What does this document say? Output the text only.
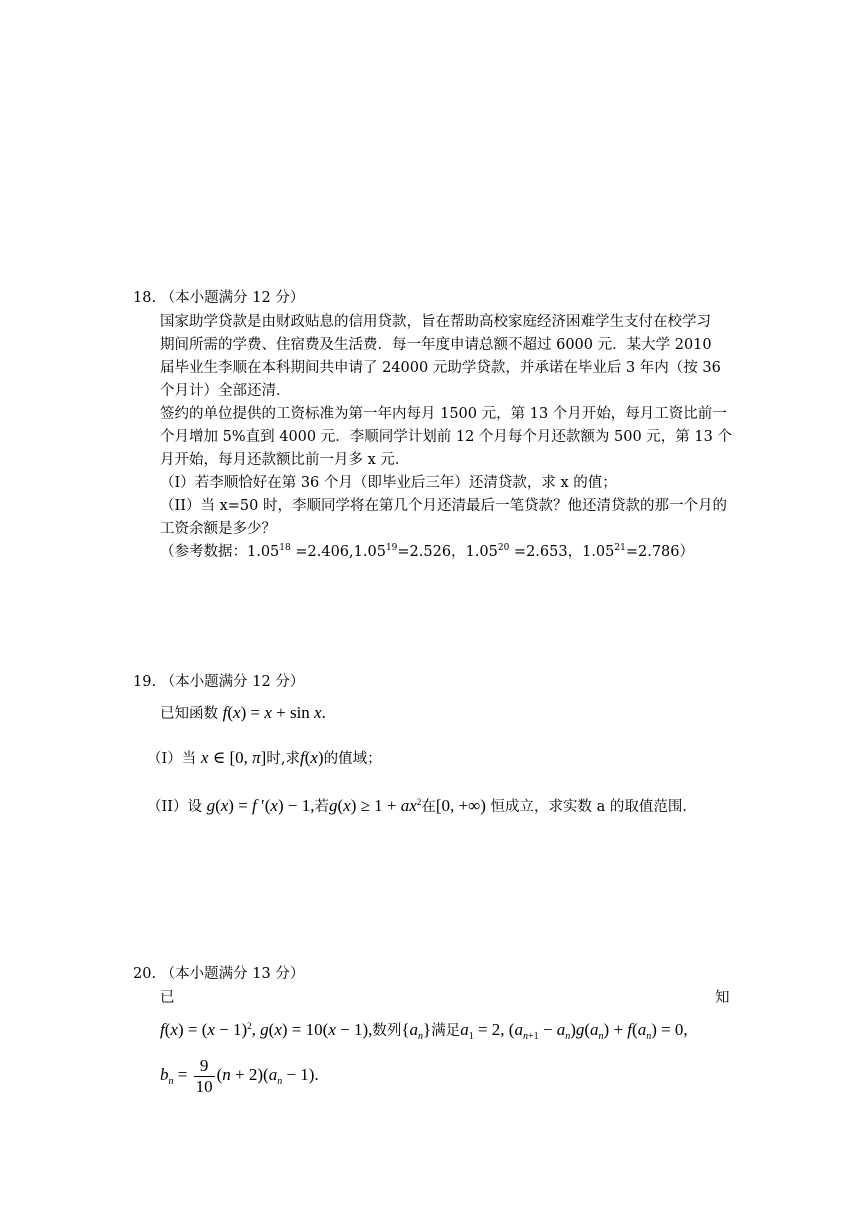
18. （本小题满分 12 分）
国家助学贷款是由财政贴息的信用贷款，旨在帮助高校家庭经济困难学生支付在校学习
期间所需的学费、住宿费及生活费．每一年度申请总额不超过 6000 元．某大学 2010
届毕业生李顺在本科期间共申请了 24000 元助学贷款，并承诺在毕业后 3 年内（按 36
个月计）全部还清．
签约的单位提供的工资标准为第一年内每月 1500 元，第 13 个月开始，每月工资比前一
个月增加 5%直到 4000 元．李顺同学计划前 12 个月每个月还款额为 500 元，第 13 个
月开始，每月还款额比前一月多 x 元．
（I）若李顺恰好在第 36 个月（即毕业后三年）还清贷款，求 x 的值；
（II）当 x=50 时，李顺同学将在第几个月还清最后一笔贷款？他还清贷款的那一个月的
工资余额是多少？
（参考数据：$1.05^{18} =2.406,1.05^{19}=2.526$，$1.05^{20} =2.653$，$1.05^{21}=2.786$）
19. （本小题满分 12 分）
已知函数 f(x) = x + sin x.
（I）当 x ∈ [0, π]时,求f(x)的值域；
（II）设 g(x) = f ′(x) − 1,若$g(x) \ge 1 + ax^2$在[0, +∞) 恒成立，求实数 a 的取值范围．
20. （本小题满分 13 分）
已	知
$f(x) = (x - 1)^2$, g(x) = 10(x − 1),数列$\{a_n\}$满足$a_1 = 2$, $(a_{n+1} - a_n)g(a_n) + f(a_n) = 0$,
$b_n = \frac{9}{10} (n + 2)(a_n - 1)$.
